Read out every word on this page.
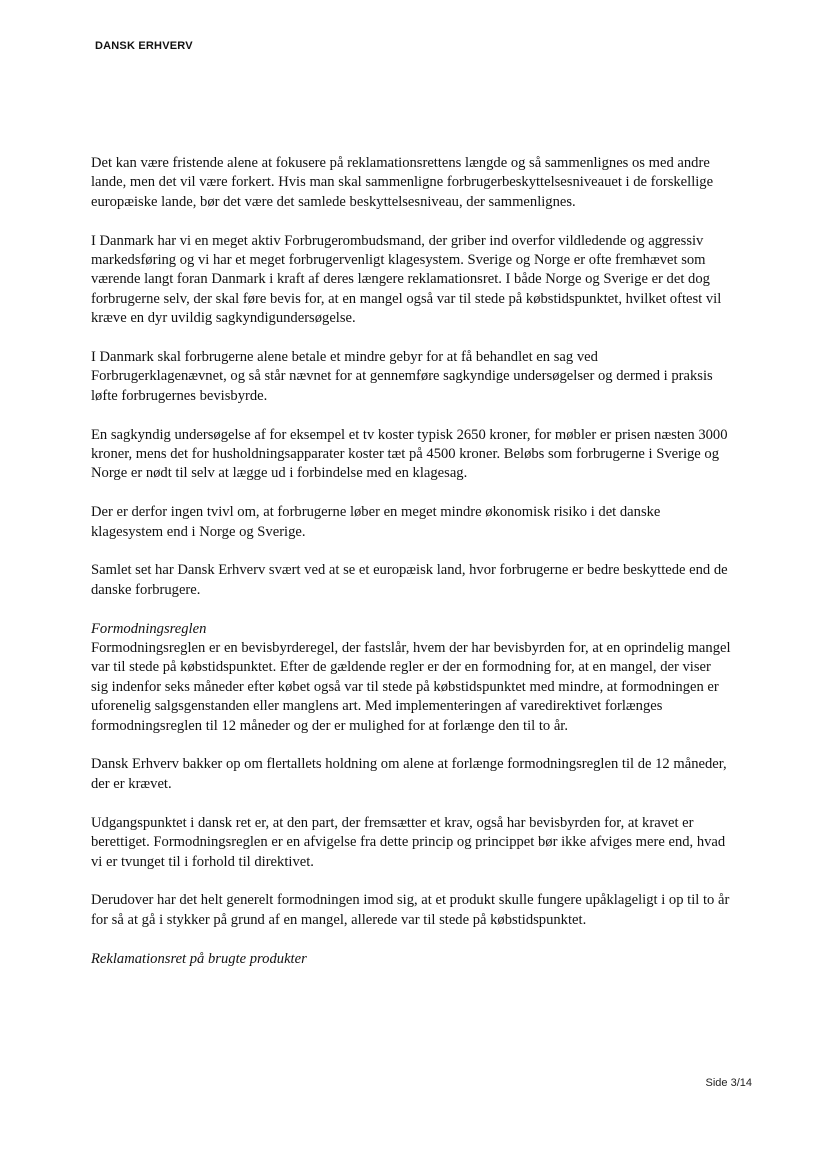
DANSK ERHVERV

Det kan være fristende alene at fokusere på reklamationsrettens længde og så sammenlignes os med andre lande, men det vil være forkert. Hvis man skal sammenligne forbrugerbeskyttelsesniveauet i de forskellige europæiske lande, bør det være det samlede beskyttelsesniveau, der sammenlignes.

I Danmark har vi en meget aktiv Forbrugerombudsmand, der griber ind overfor vildledende og aggressiv markedsføring og vi har et meget forbrugervenligt klagesystem. Sverige og Norge er ofte fremhævet som værende langt foran Danmark i kraft af deres længere reklamationsret. I både Norge og Sverige er det dog forbrugerne selv, der skal føre bevis for, at en mangel også var til stede på købstidspunktet, hvilket oftest vil kræve en dyr uvildig sagkyndigundersøgelse.

I Danmark skal forbrugerne alene betale et mindre gebyr for at få behandlet en sag ved Forbrugerklagenævnet, og så står nævnet for at gennemføre sagkyndige undersøgelser og dermed i praksis løfte forbrugernes bevisbyrde.

En sagkyndig undersøgelse af for eksempel et tv koster typisk 2650 kroner, for møbler er prisen næsten 3000 kroner, mens det for husholdningsapparater koster tæt på 4500 kroner. Beløbs som forbrugerne i Sverige og Norge er nødt til selv at lægge ud i forbindelse med en klagesag.

Der er derfor ingen tvivl om, at forbrugerne løber en meget mindre økonomisk risiko i det danske klagesystem end i Norge og Sverige.

Samlet set har Dansk Erhverv svært ved at se et europæisk land, hvor forbrugerne er bedre beskyttede end de danske forbrugere.

Formodningsreglen

Formodningsreglen er en bevisbyrderegel, der fastslår, hvem der har bevisbyrden for, at en oprindelig mangel var til stede på købstidspunktet. Efter de gældende regler er der en formodning for, at en mangel, der viser sig indenfor seks måneder efter købet også var til stede på købstidspunktet med mindre, at formodningen er uforenelig salgsgenstanden eller manglens art. Med implementeringen af varedirektivet forlænges formodningsreglen til 12 måneder og der er mulighed for at forlænge den til to år.

Dansk Erhverv bakker op om flertallets holdning om alene at forlænge formodningsreglen til de 12 måneder, der er krævet.

Udgangspunktet i dansk ret er, at den part, der fremsætter et krav, også har bevisbyrden for, at kravet er berettiget. Formodningsreglen er en afvigelse fra dette princip og princippet bør ikke afviges mere end, hvad vi er tvunget til i forhold til direktivet.

Derudover har det helt generelt formodningen imod sig, at et produkt skulle fungere upåklageligt i op til to år for så at gå i stykker på grund af en mangel, allerede var til stede på købstidspunktet.

Reklamationsret på brugte produkter

Side 3/14
